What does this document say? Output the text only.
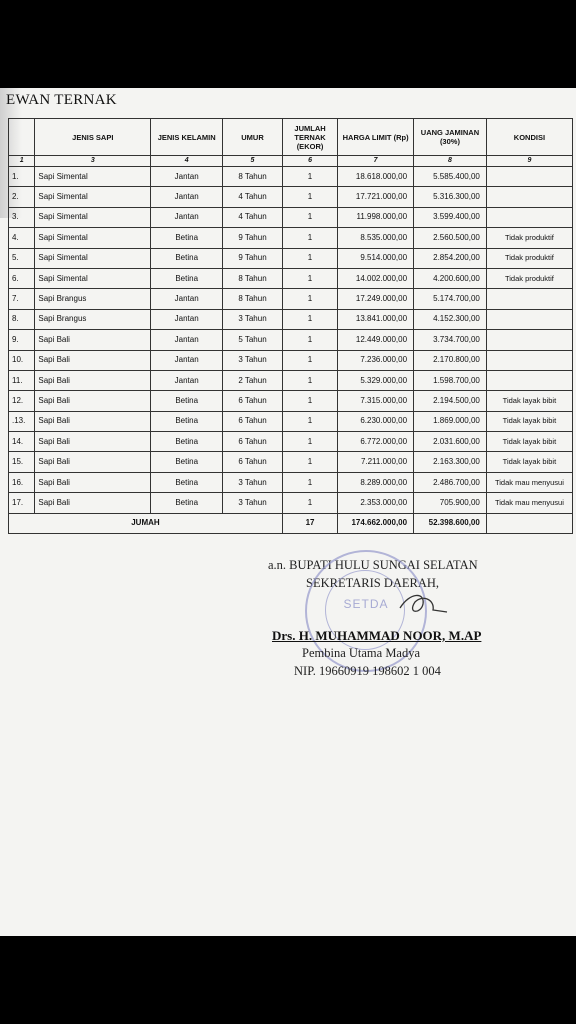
EWAN TERNAK
	JENIS SAPI	JENIS KELAMIN	UMUR	JUMLAH TERNAK (EKOR)	HARGA LIMIT (Rp)	UANG JAMINAN (30%)	KONDISI
1	3	4	5	6	7	8	9
1.	Sapi Simental	Jantan	8 Tahun	1	18.618.000,00	5.585.400,00	
2.	Sapi Simental	Jantan	4 Tahun	1	17.721.000,00	5.316.300,00	
3.	Sapi Simental	Jantan	4 Tahun	1	11.998.000,00	3.599.400,00	
4.	Sapi Simental	Betina	9 Tahun	1	8.535.000,00	2.560.500,00	Tidak produktif
5.	Sapi Simental	Betina	9 Tahun	1	9.514.000,00	2.854.200,00	Tidak produktif
6.	Sapi Simental	Betina	8 Tahun	1	14.002.000,00	4.200.600,00	Tidak produktif
7.	Sapi Brangus	Jantan	8 Tahun	1	17.249.000,00	5.174.700,00	
8.	Sapi Brangus	Jantan	3 Tahun	1	13.841.000,00	4.152.300,00	
9.	Sapi Bali	Jantan	5 Tahun	1	12.449.000,00	3.734.700,00	
10.	Sapi Bali	Jantan	3 Tahun	1	7.236.000,00	2.170.800,00	
11.	Sapi Bali	Jantan	2 Tahun	1	5.329.000,00	1.598.700,00	
12.	Sapi Bali	Betina	6 Tahun	1	7.315.000,00	2.194.500,00	Tidak layak bibit
.13.	Sapi Bali	Betina	6 Tahun	1	6.230.000,00	1.869.000,00	Tidak layak bibit
14.	Sapi Bali	Betina	6 Tahun	1	6.772.000,00	2.031.600,00	Tidak layak bibit
15.	Sapi Bali	Betina	6 Tahun	1	7.211.000,00	2.163.300,00	Tidak layak bibit
16.	Sapi Bali	Betina	3 Tahun	1	8.289.000,00	2.486.700,00	Tidak mau menyusui
17.	Sapi Bali	Betina	3 Tahun	1	2.353.000,00	705.900,00	Tidak mau menyusui
JUMAH				17	174.662.000,00	52.398.600,00	
a.n. BUPATI HULU SUNGAI SELATAN
SEKRETARIS DAERAH,
SETDA
Drs. H. MUHAMMAD NOOR, M.AP
Pembina Utama Madya
NIP. 19660919 198602 1 004
